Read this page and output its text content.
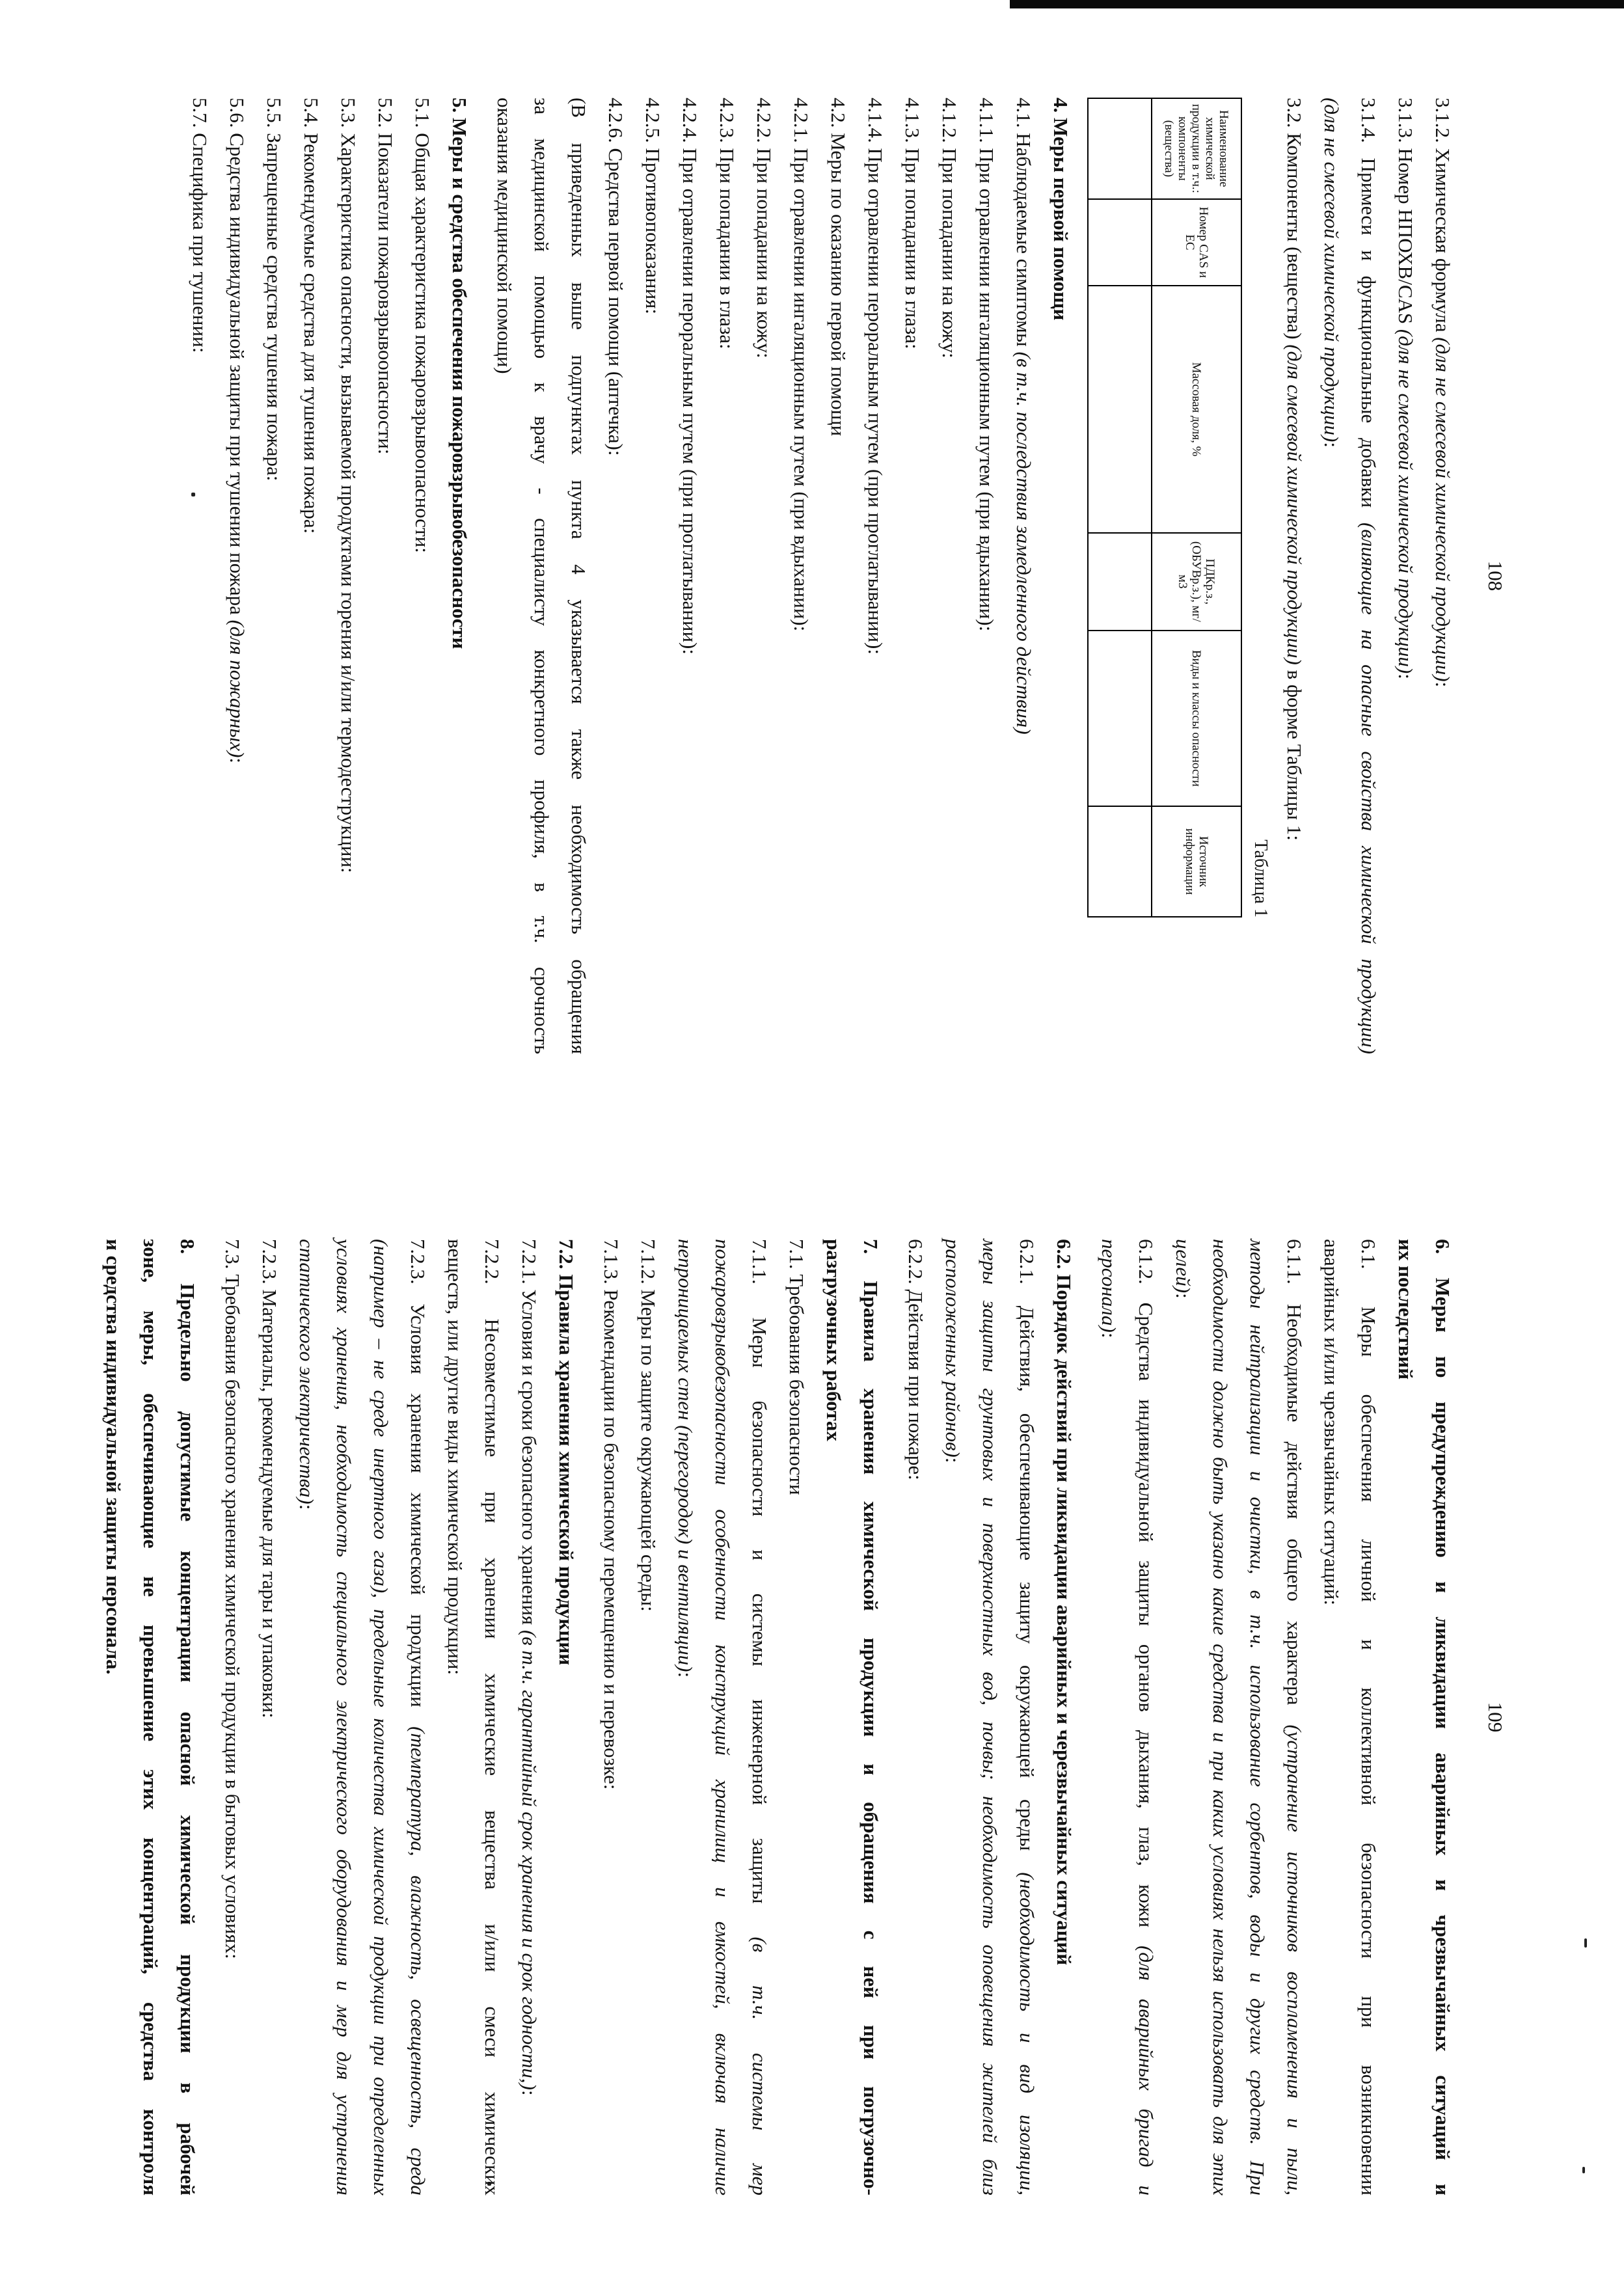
108
3.1.2. Химическая формула (для не смесевой химической продукции):
3.1.3. Номер НПОХВ/CAS (для не смесевой химической продукции):
3.1.4. Примеси и функциональные добавки (влияющие на опасные свойства химической продукции)
(для не смесевой химической продукции):
3.2. Компоненты (вещества) (для смесевой химической продукции) в форме Таблицы 1:
Таблица 1
Наименование химической продукции в т.ч.: компоненты (вещества)	Номер CAS и ЕС	Массовая доля, %	ПДКр.з., (ОБУВр.з.), мг/м3	Виды и классы опасности	Источник информации

4. Меры первой помощи
4.1. Наблюдаемые симптомы (в т.ч. последствия замедленного действия)
4.1.1. При отравлении ингаляционным путем (при вдыхании):
4.1.2. При попадании на кожу:
4.1.3. При попадании в глаза:
4.1.4. При отравлении пероральным путем (при проглатывании):
4.2. Меры по оказанию первой помощи
4.2.1. При отравлении ингаляционным путем (при вдыхании):
4.2.2. При попадании на кожу:
4.2.3. При попадании в глаза:
4.2.4. При отравлении пероральным путем (при проглатывании):
4.2.5. Противопоказания:
4.2.6. Средства первой помощи (аптечка):
(В приведенных выше подпунктах пункта 4 указывается также необходимость обращения
за медицинской помощью к врачу - специалисту конкретного профиля, в т.ч. срочность
оказания медицинской помощи)
5. Меры и средства обеспечения пожаровзрывобезопасности
5.1. Общая характеристика пожаровзрывоопасности:
5.2. Показатели пожаровзрывоопасности:
5.3. Характеристика опасности, вызываемой продуктами горения и/или термодеструкции:
5.4. Рекомендуемые средства для тушения пожара:
5.5. Запрещенные средства тушения пожара:
5.6. Средства индивидуальной защиты при тушении пожара (для пожарных):
5.7. Специфика при тушении:
109
6. Меры по предупреждению и ликвидации аварийных и чрезвычайных ситуаций и
их последствий
6.1. Меры обеспечения личной и коллективной безопасности при возникновении
аварийных и/или чрезвычайных ситуаций:
6.1.1. Необходимые действия общего характера (устранение источников воспламенения и пыли,
методы нейтрализации и очистки, в т.ч. использование сорбентов, воды и других средств. При
необходимости должно быть указано какие средства и при каких условиях нельзя использовать для этих
целей):
6.1.2. Средства индивидуальной защиты органов дыхания, глаз, кожи (для аварийных бригад и
персонала):
6.2. Порядок действий при ликвидации аварийных и черезвычайных ситуаций
6.2.1. Действия, обеспечивающие защиту окружающей среды (необходимость и вид изоляции,
меры защиты грунтовых и поверхностных вод, почвы; необходимость оповещения жителей близ
расположенных районов):
6.2.2. Действия при пожаре:
7. Правила хранения химической продукции и обращения с ней при погрузочно-
разгрузочных работах
7.1. Требования безопасности
7.1.1. Меры безопасности и системы инженерной защиты (в т.ч. системы мер
пожаровзрывобезопасности особенности конструкций хранилищ и емкостей, включая наличие
непроницаемых стен (перегородок) и вентиляции):
7.1.2. Меры по защите окружающей среды:
7.1.3. Рекомендации по безопасному перемещению и перевозке:
7.2. Правила хранения химической продукции
7.2.1. Условия и сроки безопасного хранения (в т.ч. гарантийный срок хранения и срок годности,):
7.2.2. Несовместимые при хранении химические вещества и/или смеси химических
веществ, или другие виды химической продукции:
7.2.3. Условия хранения химической продукции (температура, влажность, освещенность, среда
(например – не среде инертного газа), предельные количества химической продукции при определенных
условиях хранения, необходимость специального электрического оборудования и мер для устранения
статического электричества):
7.2.3. Материалы, рекомендуемые для тары и упаковки:
7.3. Требования безопасного хранения химической продукции в бытовых условиях:
8. Предельно допустимые концентрации опасной химической продукции в рабочей
зоне, меры, обеспечивающие не превышение этих концентраций, средства контроля
и средства индивидуальной защиты персонала.
